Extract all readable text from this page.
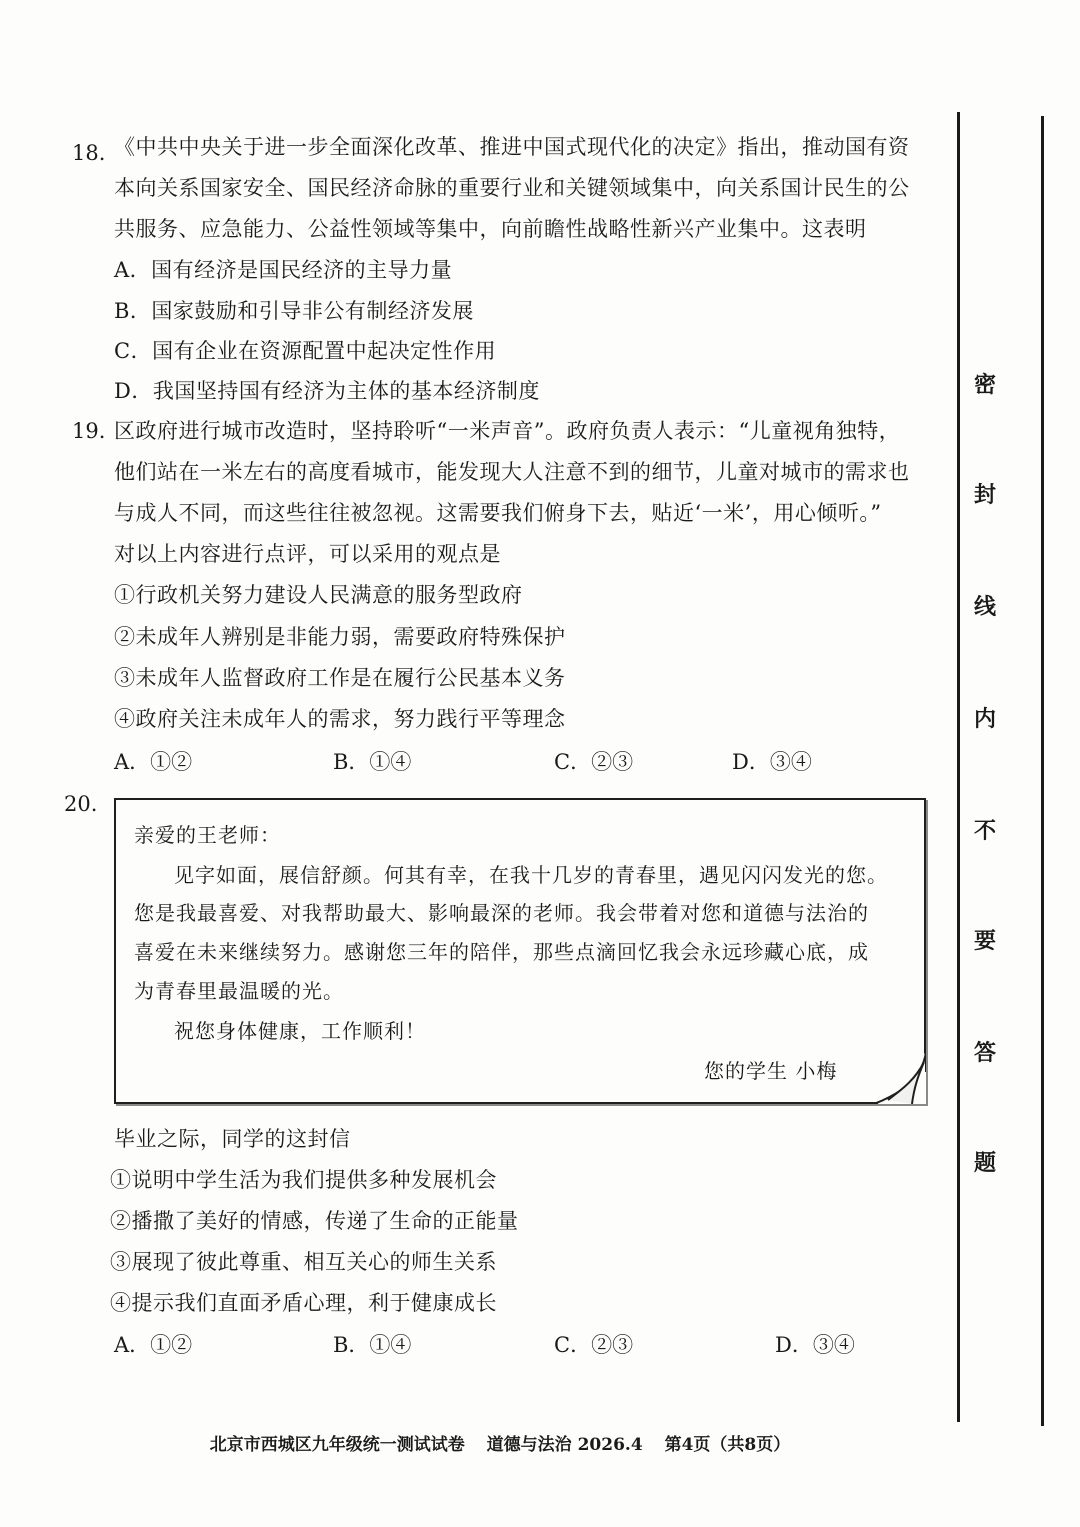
18. 《中共中央关于进一步全面深化改革、推进中国式现代化的决定》指出，推动国有资
本向关系国家安全、国民经济命脉的重要行业和关键领域集中，向关系国计民生的公
共服务、应急能力、公益性领域等集中，向前瞻性战略性新兴产业集中。这表明
A．国有经济是国民经济的主导力量
B．国家鼓励和引导非公有制经济发展
C．国有企业在资源配置中起决定性作用
D．我国坚持国有经济为主体的基本经济制度
19. 区政府进行城市改造时，坚持聆听“一米声音”。政府负责人表示：“儿童视角独特，
他们站在一米左右的高度看城市，能发现大人注意不到的细节，儿童对城市的需求也
与成人不同，而这些往往被忽视。这需要我们俯身下去，贴近‘一米’，用心倾听。”
对以上内容进行点评，可以采用的观点是
①行政机关努力建设人民满意的服务型政府
②未成年人辨别是非能力弱，需要政府特殊保护
③未成年人监督政府工作是在履行公民基本义务
④政府关注未成年人的需求，努力践行平等理念
A．①②	B．①④	C．②③	D．③④
20.
亲爱的王老师：
见字如面，展信舒颜。何其有幸，在我十几岁的青春里，遇见闪闪发光的您。
您是我最喜爱、对我帮助最大、影响最深的老师。我会带着对您和道德与法治的
喜爱在未来继续努力。感谢您三年的陪伴，那些点滴回忆我会永远珍藏心底，成
为青春里最温暖的光。
祝您身体健康，工作顺利！
您的学生 小梅
毕业之际，同学的这封信
①说明中学生活为我们提供多种发展机会
②播撒了美好的情感，传递了生命的正能量
③展现了彼此尊重、相互关心的师生关系
④提示我们直面矛盾心理，利于健康成长
A．①②	B．①④	C．②③	D．③④
密
封
线
内
不
要
答
题
北京市西城区九年级统一测试试卷 道德与法治 2026.4 第4页（共8页）
